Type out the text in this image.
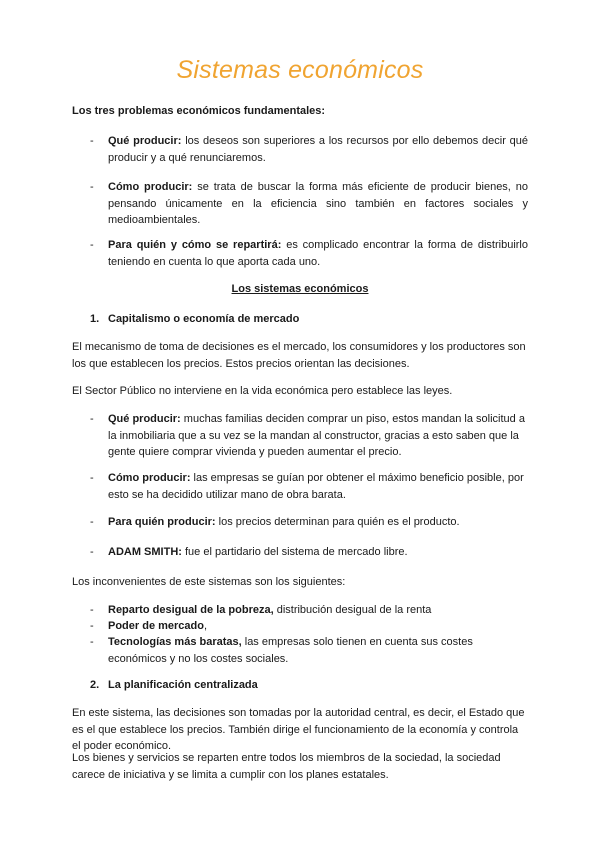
Sistemas económicos
Los tres problemas económicos fundamentales:
- Qué producir: los deseos son superiores a los recursos por ello debemos decir qué producir y a qué renunciaremos.
- Cómo producir: se trata de buscar la forma más eficiente de producir bienes, no pensando únicamente en la eficiencia sino también en factores sociales y medioambientales.
- Para quién y cómo se repartirá: es complicado encontrar la forma de distribuirlo teniendo en cuenta lo que aporta cada uno.
Los sistemas económicos
1. Capitalismo o economía de mercado
El mecanismo de toma de decisiones es el mercado, los consumidores y los productores son los que establecen los precios. Estos precios orientan las decisiones.
El Sector Público no interviene en la vida económica pero establece las leyes.
- Qué producir: muchas familias deciden comprar un piso, estos mandan la solicitud a la inmobiliaria que a su vez se la mandan al constructor, gracias a esto saben que la gente quiere comprar vivienda y pueden aumentar el precio.
- Cómo producir: las empresas se guían por obtener el máximo beneficio posible, por esto se ha decidido utilizar mano de obra barata.
- Para quién producir: los precios determinan para quién es el producto.
- ADAM SMITH: fue el partidario del sistema de mercado libre.
Los inconvenientes de este sistemas son los siguientes:
- Reparto desigual de la pobreza, distribución desigual de la renta
- Poder de mercado,
- Tecnologías más baratas, las empresas solo tienen en cuenta sus costes económicos y no los costes sociales.
2. La planificación centralizada
En este sistema, las decisiones son tomadas por la autoridad central, es decir, el Estado que es el que establece los precios. También dirige el funcionamiento de la economía y controla el poder económico.
Los bienes y servicios se reparten entre todos los miembros de la sociedad, la sociedad carece de iniciativa y se limita a cumplir con los planes estatales.
